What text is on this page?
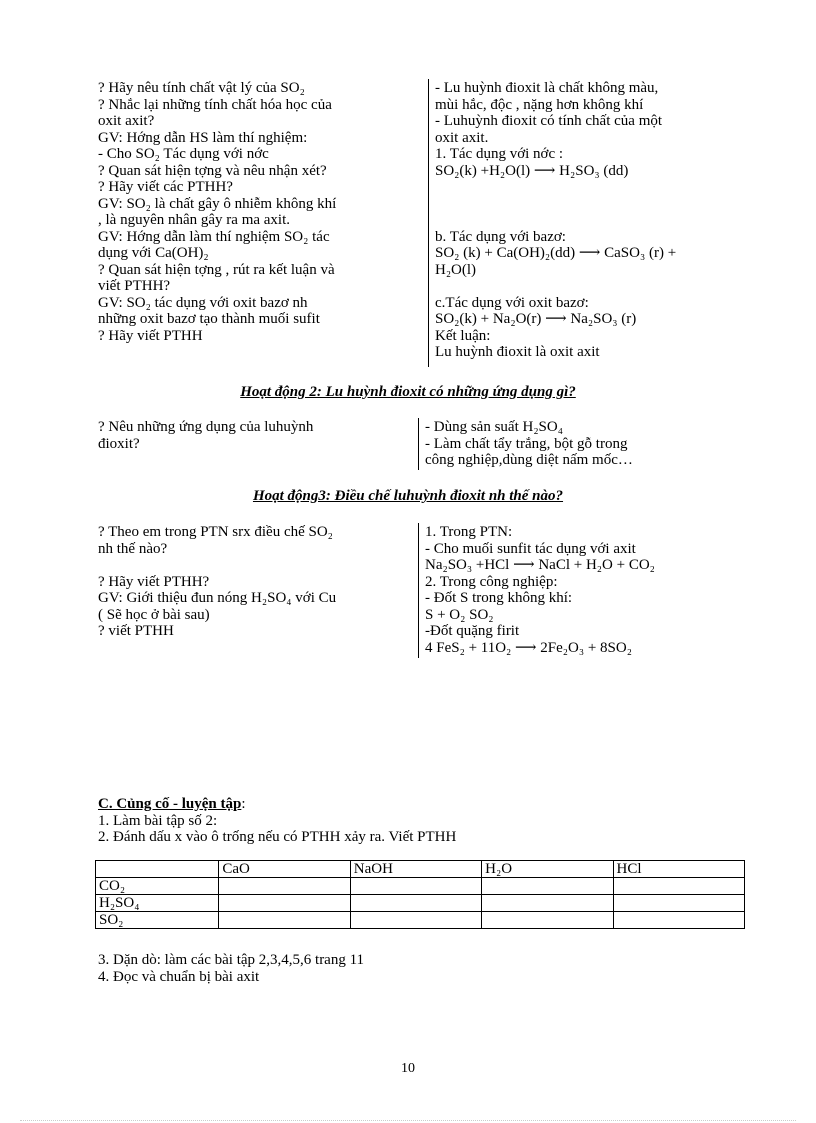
? Hãy nêu tính chất vật lý của SO₂
? Nhắc lại những tính chất hóa học của
oxit axit?
GV: Hớng dẫn HS làm thí nghiệm:
- Cho SO₂ Tác dụng với nớc
? Quan sát hiện tợng và nêu nhận xét?
? Hãy viết các PTHH?
GV: SO₂ là chất gây ô nhiễm không khí
, là nguyên nhân gây ra ma axit.
GV: Hớng dẫn làm thí nghiệm SO₂ tác
dụng với Ca(OH)₂
? Quan sát hiện tợng , rút ra kết luận và
viết PTHH?
GV: SO₂ tác dụng với oxit bazơ nh
những oxit bazơ tạo thành muối sufit
? Hãy viết PTHH
- Lu huỳnh đioxit là chất không màu,
mùi hắc, độc , nặng hơn không khí
- Luhuỳnh đioxit có tính chất của một
oxit axit.
1. Tác dụng với nớc :
SO₂(k) +H₂O(l) ⟶ H₂SO₃ (dd)
b. Tác dụng với bazơ:
SO₂ (k) + Ca(OH)₂(dd) ⟶ CaSO₃ (r) +
H₂O(l)
c.Tác dụng với oxit bazơ:
SO₂(k) + Na₂O(r) ⟶ Na₂SO₃ (r)
Kết luận:
Lu huỳnh đioxit là oxit axit
Hoạt động 2: Lu huỳnh đioxit có những ứng dụng gì?
? Nêu những ứng dụng của luhuỳnh
đioxit?
- Dùng sản suất H₂SO₄
- Làm chất tẩy trắng, bột gỗ trong
công nghiệp,dùng diệt nấm mốc…
Hoạt động3: Điều chế luhuỳnh đioxit nh thế nào?
? Theo em trong PTN srx điều chế SO₂
nh thế nào?
? Hãy viết PTHH?
GV: Giới thiệu đun nóng H₂SO₄ với Cu
( Sẽ học ở bài sau)
? viết PTHH
1. Trong PTN:
- Cho muối sunfit tác dụng với axit
Na₂SO₃ +HCl ⟶ NaCl + H₂O + CO₂
2. Trong công nghiệp:
- Đốt S trong không khí:
S + O₂ SO₂
-Đốt quặng firit
4 FeS₂ + 11O₂ ⟶ 2Fe₂O₃ + 8SO₂
C. Củng cố - luyện tập:
1. Làm bài tập số 2:
2. Đánh dấu x vào ô trống nếu có PTHH xảy ra. Viết PTHH
	CaO	NaOH	H₂O	HCl
CO₂				
H₂SO₄				
SO₂				
3. Dặn dò: làm các bài tập 2,3,4,5,6 trang 11
4. Đọc và chuẩn bị bài axit
10
